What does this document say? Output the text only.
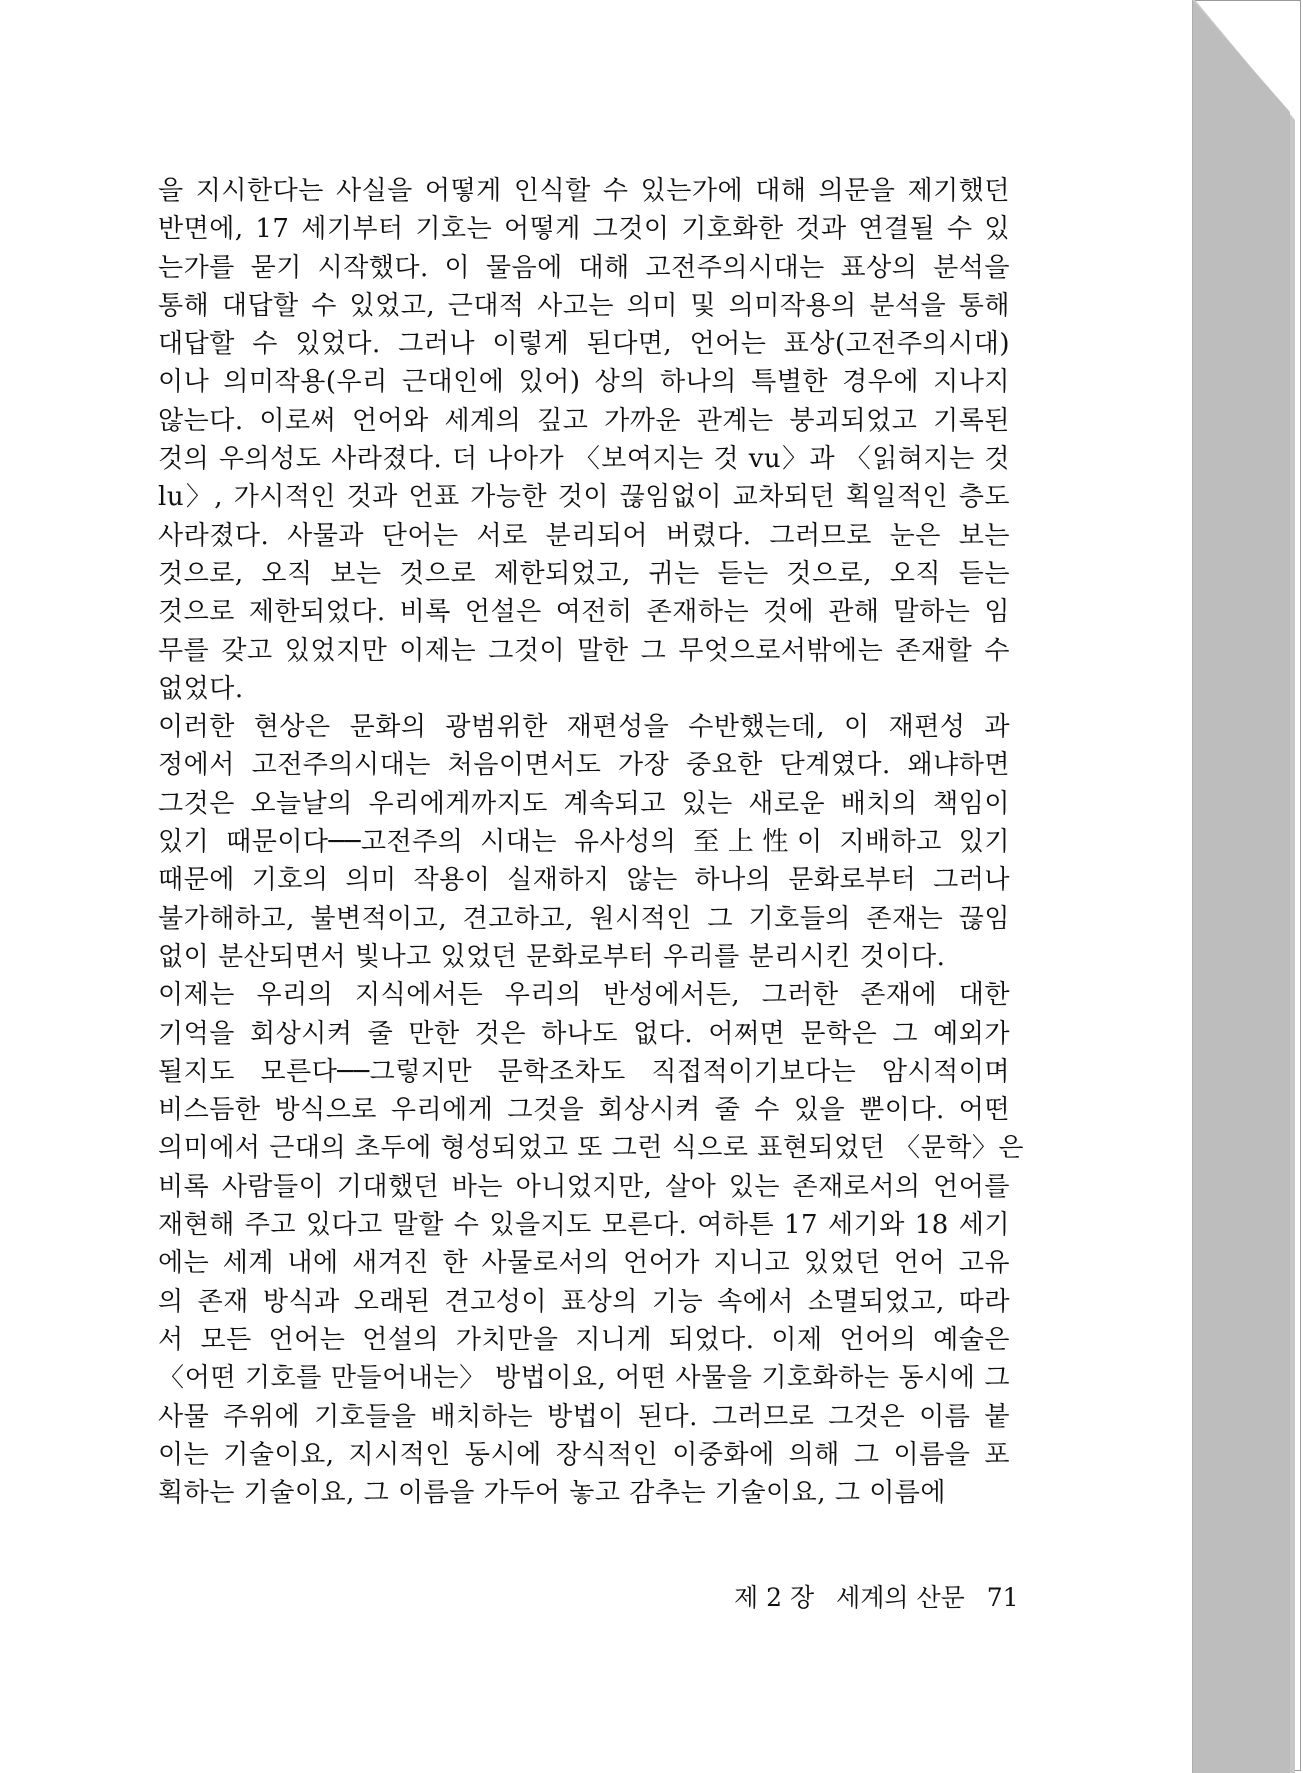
을 지시한다는 사실을 어떻게 인식할 수 있는가에 대해 의문을 제기했던
반면에, 17 세기부터 기호는 어떻게 그것이 기호화한 것과 연결될 수 있
는가를 묻기 시작했다. 이 물음에 대해 고전주의시대는 표상의 분석을
통해 대답할 수 있었고, 근대적 사고는 의미 및 의미작용의 분석을 통해
대답할 수 있었다. 그러나 이렇게 된다면, 언어는 표상(고전주의시대)
이나 의미작용(우리 근대인에 있어) 상의 하나의 특별한 경우에 지나지
않는다. 이로써 언어와 세계의 깊고 가까운 관계는 붕괴되었고 기록된
것의 우의성도 사라졌다. 더 나아가 〈보여지는 것 vu〉과 〈읽혀지는 것
lu〉, 가시적인 것과 언표 가능한 것이 끊임없이 교차되던 획일적인 층도
사라졌다. 사물과 단어는 서로 분리되어 버렸다. 그러므로 눈은 보는
것으로, 오직 보는 것으로 제한되었고, 귀는 듣는 것으로, 오직 듣는
것으로 제한되었다. 비록 언설은 여전히 존재하는 것에 관해 말하는 임
무를 갖고 있었지만 이제는 그것이 말한 그 무엇으로서밖에는 존재할 수
없었다.

이러한 현상은 문화의 광범위한 재편성을 수반했는데, 이 재편성 과
정에서 고전주의시대는 처음이면서도 가장 중요한 단계였다. 왜냐하면
그것은 오늘날의 우리에게까지도 계속되고 있는 새로운 배치의 책임이
있기 때문이다──고전주의 시대는 유사성의 至上性이 지배하고 있기
때문에 기호의 의미 작용이 실재하지 않는 하나의 문화로부터 그러나
불가해하고, 불변적이고, 견고하고, 원시적인 그 기호들의 존재는 끊임
없이 분산되면서 빛나고 있었던 문화로부터 우리를 분리시킨 것이다.

이제는 우리의 지식에서든 우리의 반성에서든, 그러한 존재에 대한
기억을 회상시켜 줄 만한 것은 하나도 없다. 어쩌면 문학은 그 예외가
될지도 모른다──그렇지만 문학조차도 직접적이기보다는 암시적이며
비스듬한 방식으로 우리에게 그것을 회상시켜 줄 수 있을 뿐이다. 어떤
의미에서 근대의 초두에 형성되었고 또 그런 식으로 표현되었던 〈문학〉은
비록 사람들이 기대했던 바는 아니었지만, 살아 있는 존재로서의 언어를
재현해 주고 있다고 말할 수 있을지도 모른다. 여하튼 17 세기와 18 세기
에는 세계 내에 새겨진 한 사물로서의 언어가 지니고 있었던 언어 고유
의 존재 방식과 오래된 견고성이 표상의 기능 속에서 소멸되었고, 따라
서 모든 언어는 언설의 가치만을 지니게 되었다. 이제 언어의 예술은
〈어떤 기호를 만들어내는〉 방법이요, 어떤 사물을 기호화하는 동시에 그
사물 주위에 기호들을 배치하는 방법이 된다. 그러므로 그것은 이름 붙
이는 기술이요, 지시적인 동시에 장식적인 이중화에 의해 그 이름을 포
획하는 기술이요, 그 이름을 가두어 놓고 감추는 기술이요, 그 이름에

제 2 장 세계의 산문 71
